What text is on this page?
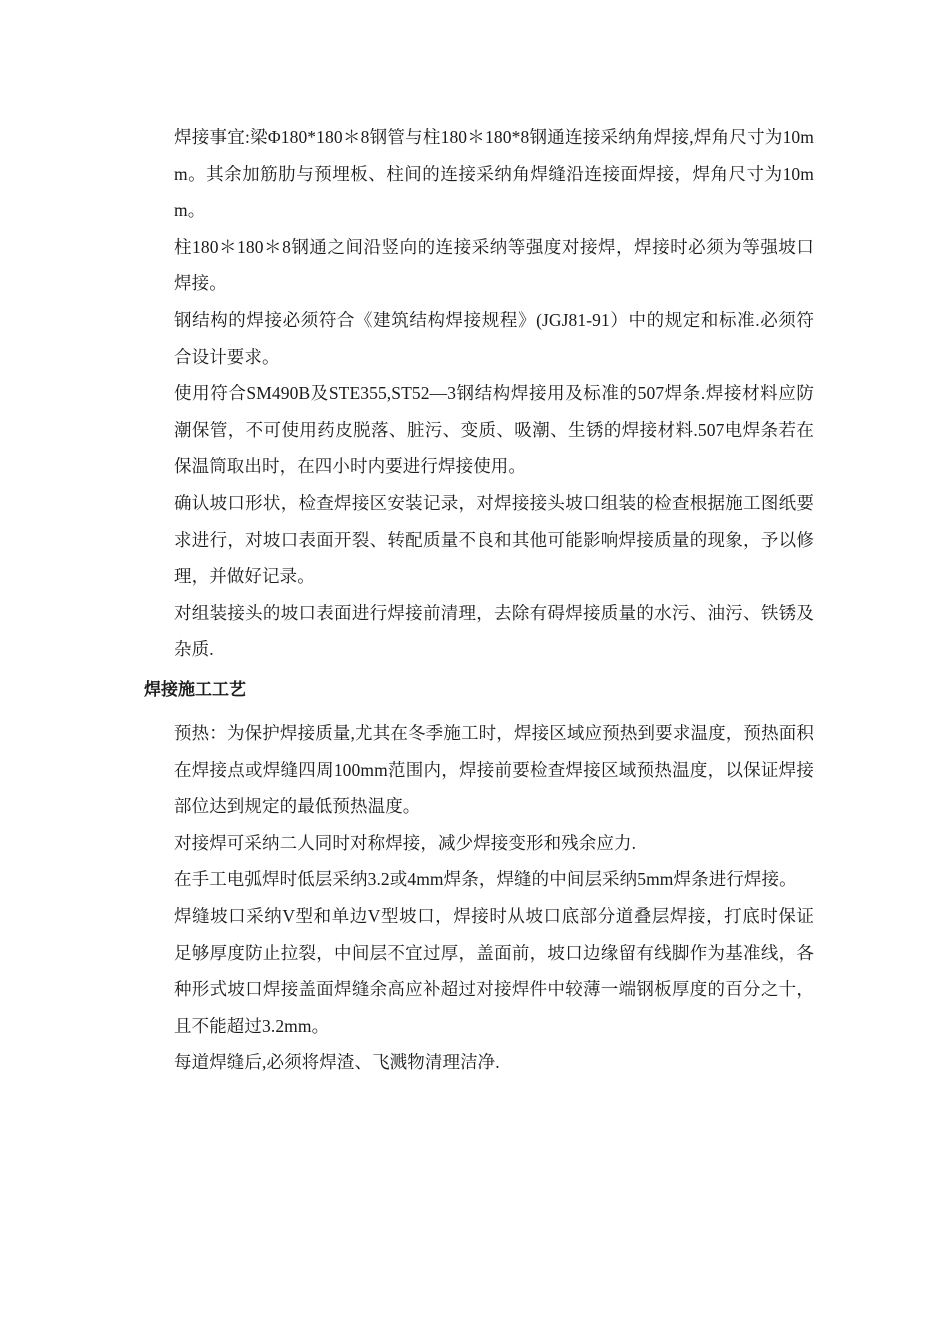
焊接事宜:梁Φ180*180＊8钢管与柱180＊180*8钢通连接采纳角焊接,焊角尺寸为10mm。其余加筋肋与预埋板、柱间的连接采纳角焊缝沿连接面焊接，焊角尺寸为10mm。

柱180＊180＊8钢通之间沿竖向的连接采纳等强度对接焊，焊接时必须为等强坡口焊接。

钢结构的焊接必须符合《建筑结构焊接规程》(JGJ81-91）中的规定和标准.必须符合设计要求。

使用符合SM490B及STE355,ST52—3钢结构焊接用及标准的507焊条.焊接材料应防潮保管，不可使用药皮脱落、脏污、变质、吸潮、生锈的焊接材料.507电焊条若在保温筒取出时，在四小时内要进行焊接使用。

确认坡口形状，检查焊接区安装记录，对焊接接头坡口组装的检查根据施工图纸要求进行，对坡口表面开裂、转配质量不良和其他可能影响焊接质量的现象，予以修理，并做好记录。

对组装接头的坡口表面进行焊接前清理，去除有碍焊接质量的水污、油污、铁锈及杂质.

焊接施工工艺

预热：为保护焊接质量,尤其在冬季施工时，焊接区域应预热到要求温度，预热面积在焊接点或焊缝四周100mm范围内，焊接前要检查焊接区域预热温度，以保证焊接部位达到规定的最低预热温度。

对接焊可采纳二人同时对称焊接，减少焊接变形和残余应力.

在手工电弧焊时低层采纳3.2或4mm焊条，焊缝的中间层采纳5mm焊条进行焊接。

焊缝坡口采纳V型和单边V型坡口，焊接时从坡口底部分道叠层焊接，打底时保证足够厚度防止拉裂，中间层不宜过厚，盖面前，坡口边缘留有线脚作为基准线，各种形式坡口焊接盖面焊缝余高应补超过对接焊件中较薄一端钢板厚度的百分之十，且不能超过3.2mm。

每道焊缝后,必须将焊渣、飞溅物清理洁净.
